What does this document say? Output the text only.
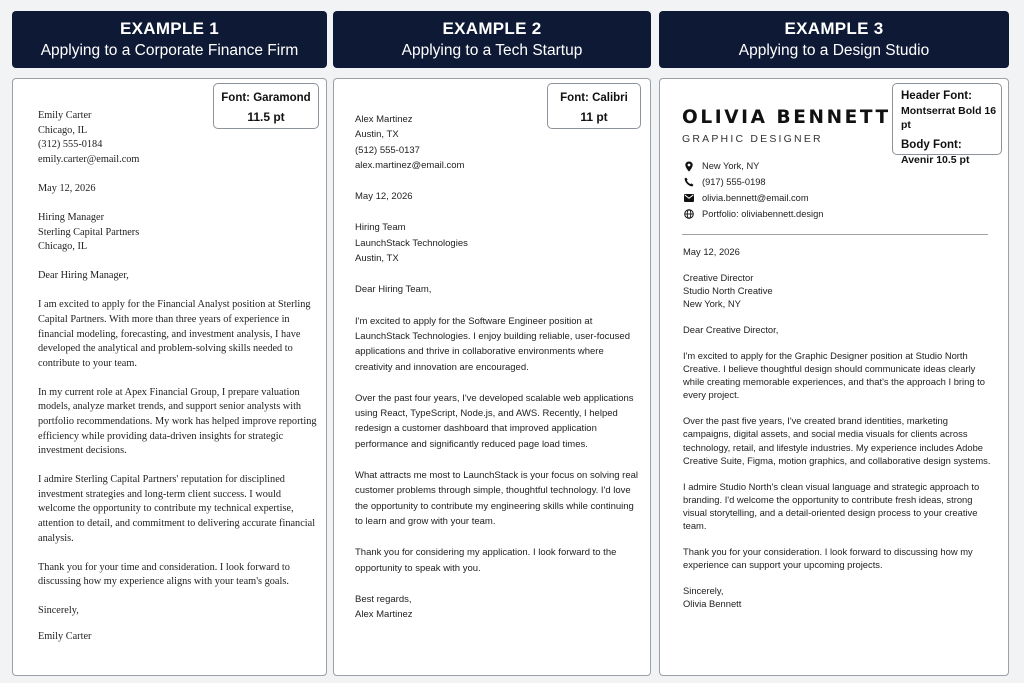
EXAMPLE 1
Applying to a Corporate Finance Firm
Font: Garamond
11.5 pt

Emily Carter
Chicago, IL
(312) 555-0184
emily.carter@email.com

May 12, 2026

Hiring Manager
Sterling Capital Partners
Chicago, IL

Dear Hiring Manager,

I am excited to apply for the Financial Analyst position at Sterling Capital Partners. With more than three years of experience in financial modeling, forecasting, and investment analysis, I have developed the analytical and problem-solving skills needed to contribute to your team.

In my current role at Apex Financial Group, I prepare valuation models, analyze market trends, and support senior analysts with portfolio recommendations. My work has helped improve reporting efficiency while providing data-driven insights for strategic investment decisions.

I admire Sterling Capital Partners' reputation for disciplined investment strategies and long-term client success. I would welcome the opportunity to contribute my technical expertise, attention to detail, and commitment to delivering accurate financial analysis.

Thank you for your time and consideration. I look forward to discussing how my experience aligns with your team's goals.

Sincerely,

Emily Carter

EXAMPLE 2
Applying to a Tech Startup
Font: Calibri
11 pt

Alex Martinez
Austin, TX
(512) 555-0137
alex.martinez@email.com

May 12, 2026

Hiring Team
LaunchStack Technologies
Austin, TX

Dear Hiring Team,

I'm excited to apply for the Software Engineer position at LaunchStack Technologies. I enjoy building reliable, user-focused applications and thrive in collaborative environments where creativity and innovation are encouraged.

Over the past four years, I've developed scalable web applications using React, TypeScript, Node.js, and AWS. Recently, I helped redesign a customer dashboard that improved application performance and significantly reduced page load times.

What attracts me most to LaunchStack is your focus on solving real customer problems through simple, thoughtful technology. I'd love the opportunity to contribute my engineering skills while continuing to learn and grow with your team.

Thank you for considering my application. I look forward to the opportunity to speak with you.

Best regards,
Alex Martinez

EXAMPLE 3
Applying to a Design Studio
Header Font:
Montserrat Bold 16 pt
Body Font:
Avenir 10.5 pt
OLIVIA BENNETT
GRAPHIC DESIGNER
New York, NY
(917) 555-0198
olivia.bennett@email.com
Portfolio: oliviabennett.design

May 12, 2026

Creative Director
Studio North Creative
New York, NY

Dear Creative Director,

I'm excited to apply for the Graphic Designer position at Studio North Creative. I believe thoughtful design should communicate ideas clearly while creating memorable experiences, and that's the approach I bring to every project.

Over the past five years, I've created brand identities, marketing campaigns, digital assets, and social media visuals for clients across technology, retail, and lifestyle industries. My experience includes Adobe Creative Suite, Figma, motion graphics, and collaborative design systems.

I admire Studio North's clean visual language and strategic approach to branding. I'd welcome the opportunity to contribute fresh ideas, strong visual storytelling, and a detail-oriented design process to your creative team.

Thank you for your consideration. I look forward to discussing how my experience can support your upcoming projects.

Sincerely,
Olivia Bennett
